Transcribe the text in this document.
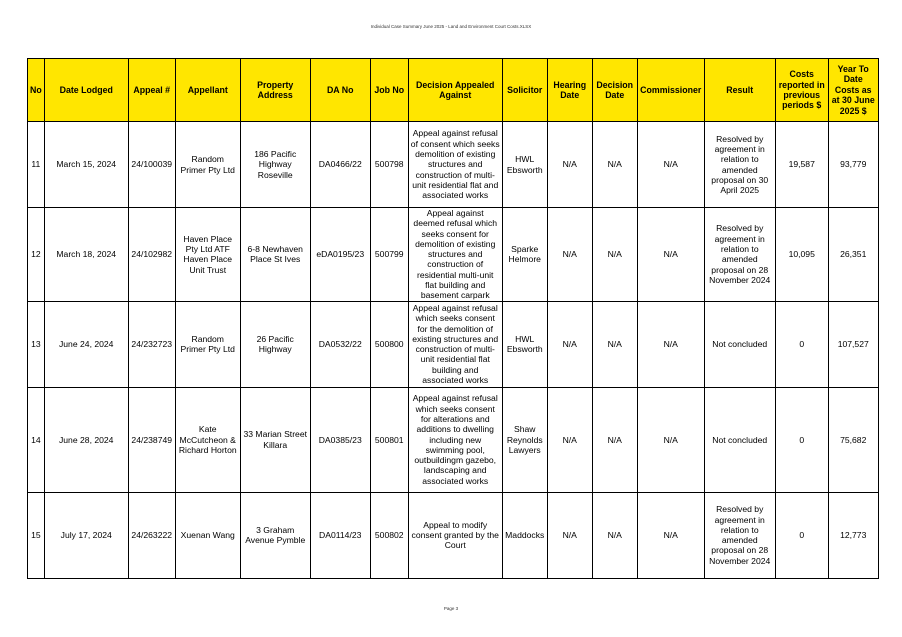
Individual Case Summary June 2025 - Land and Environment Court Costs.XLSX
No	Date Lodged	Appeal #	Appellant	Property Address	DA No	Job No	Decision Appealed Against	Solicitor	Hearing Date	Decision Date	Commissioner	Result	Costs reported in previous periods $	Year To Date Costs as at 30 June 2025 $
11	March 15, 2024	24/100039	Random Primer Pty Ltd	186 Pacific Highway Roseville	DA0466/22	500798	Appeal against refusal of consent which seeks demolition of existing structures and construction of multi-unit residential flat and associated works	HWL Ebsworth	N/A	N/A	N/A	Resolved by agreement in relation to amended proposal on 30 April 2025	19,587	93,779
12	March 18, 2024	24/102982	Haven Place Pty Ltd ATF Haven Place Unit Trust	6-8 Newhaven Place St Ives	eDA0195/23	500799	Appeal against deemed refusal which seeks consent for demolition of existing structures and construction of residential multi-unit flat building and basement carpark	Sparke Helmore	N/A	N/A	N/A	Resolved by agreement in relation to amended proposal on 28 November 2024	10,095	26,351
13	June 24, 2024	24/232723	Random Primer Pty Ltd	26 Pacific Highway	DA0532/22	500800	Appeal against refusal which seeks consent for the demolition of existing structures and construction of multi-unit residential flat building and associated works	HWL Ebsworth	N/A	N/A	N/A	Not concluded	0	107,527
14	June 28, 2024	24/238749	Kate McCutcheon & Richard Horton	33 Marian Street Killara	DA0385/23	500801	Appeal against refusal which seeks consent for alterations and additions to dwelling including new swimming pool, outbuildingm gazebo, landscaping and associated works	Shaw Reynolds Lawyers	N/A	N/A	N/A	Not concluded	0	75,682
15	July 17, 2024	24/263222	Xuenan Wang	3 Graham Avenue Pymble	DA0114/23	500802	Appeal to modify consent granted by the Court	Maddocks	N/A	N/A	N/A	Resolved by agreement in relation to amended proposal on 28 November 2024	0	12,773
Page 3
